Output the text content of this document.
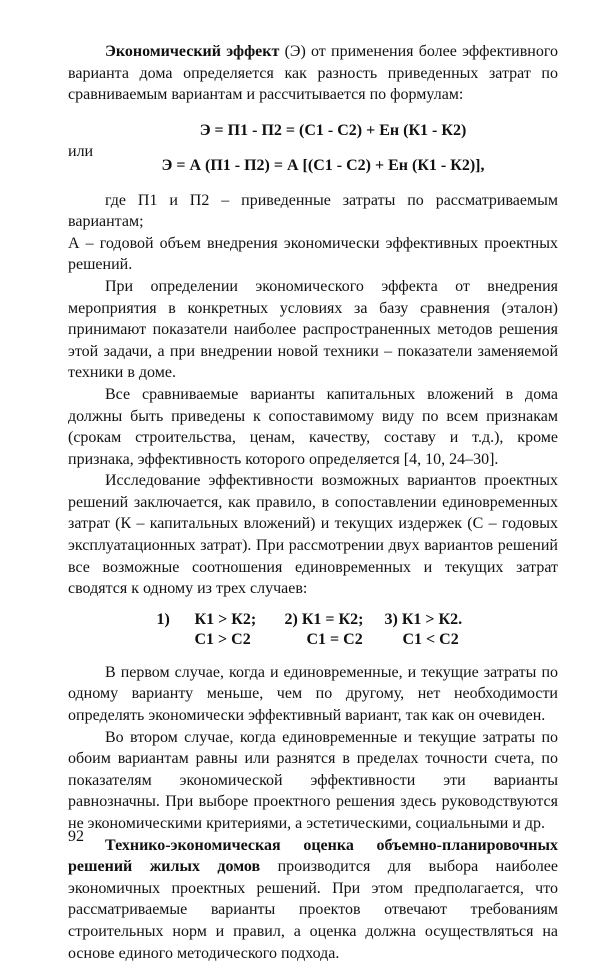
Экономический эффект (Э) от применения более эффективного варианта дома определяется как разность приведенных затрат по сравниваемым вариантам и рассчитывается по формулам:

Э = П1 - П2 = (С1 - С2) + Ен (К1 - К2)
или
Э = А (П1 - П2) = А [(С1 - С2) + Ен (К1 - К2)],

где П1 и П2 – приведенные затраты по рассматриваемым вариантам;

А – годовой объем внедрения экономически эффективных проектных решений.

При определении экономического эффекта от внедрения мероприятия в конкретных условиях за базу сравнения (эталон) принимают показатели наиболее распространенных методов решения этой задачи, а при внедрении новой техники – показатели заменяемой техники в доме.

Все сравниваемые варианты капитальных вложений в дома должны быть приведены к сопоставимому виду по всем признакам (срокам строительства, ценам, качеству, составу и т.д.), кроме признака, эффективность которого определяется [4, 10, 24–30].

Исследование эффективности возможных вариантов проектных решений заключается, как правило, в сопоставлении единовременных затрат (К – капитальных вложений) и текущих издержек (С – годовых эксплуатационных затрат). При рассмотрении двух вариантов решений все возможные соотношения единовременных и текущих затрат сводятся к одному из трех случаев:

1)	К1 > К2;	2) К1 = К2;	3) К1 > К2.
С1 > С2	С1 = С2	С1 < С2

В первом случае, когда и единовременные, и текущие затраты по одному варианту меньше, чем по другому, нет необходимости определять экономически эффективный вариант, так как он очевиден.

Во втором случае, когда единовременные и текущие затраты по обоим вариантам равны или разнятся в пределах точности счета, по показателям экономической эффективности эти варианты равнозначны. При выборе проектного решения здесь руководствуются не экономическими критериями, а эстетическими, социальными и др.

Технико-экономическая оценка объемно-планировочных решений жилых домов производится для выбора наиболее экономичных проектных решений. При этом предполагается, что рассматриваемые варианты проектов отвечают требованиям строительных норм и правил, а оценка должна осуществляться на основе единого методического подхода.

92
